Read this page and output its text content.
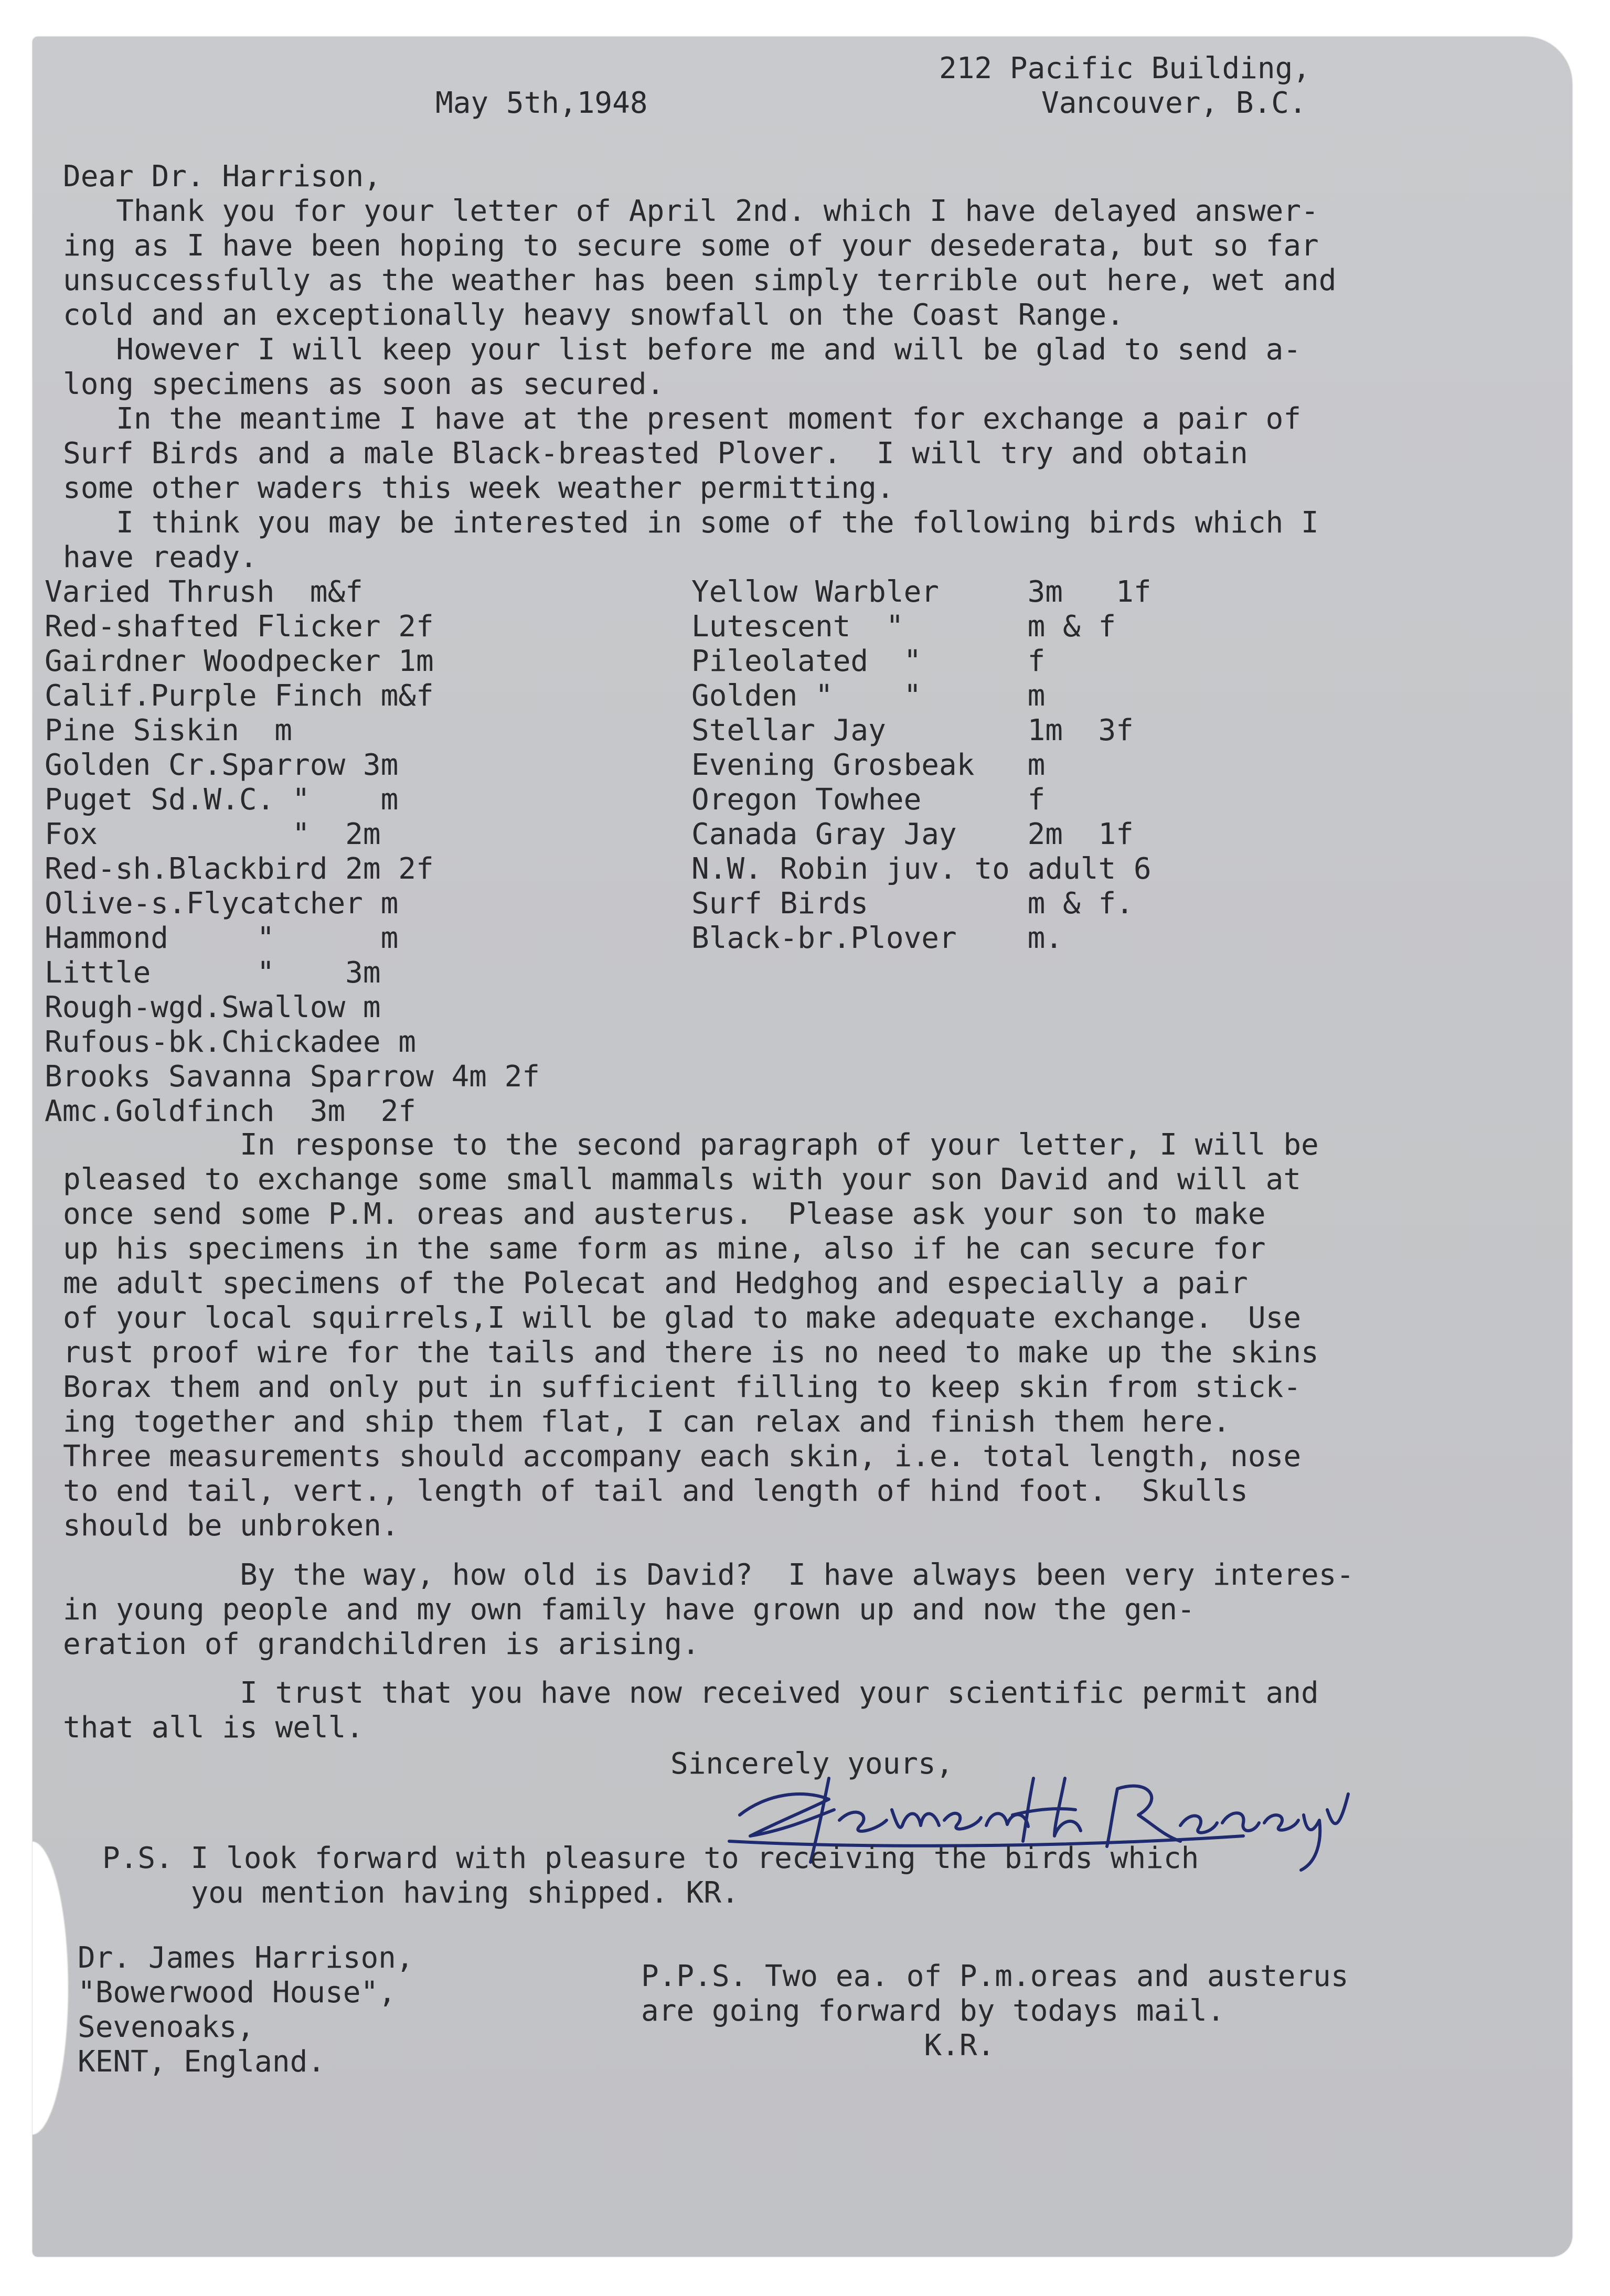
212 Pacific Building,

Vancouver, B.C.

May 5th,1948

Dear Dr. Harrison,

Thank you for your letter of April 2nd. which I have delayed answer-
ing as I have been hoping to secure some of your desederata, but so far
unsuccessfully as the weather has been simply terrible out here, wet and
cold and an exceptionally heavy snowfall on the Coast Range.
However I will keep your list before me and will be glad to send a-
long specimens as soon as secured.
In the meantime I have at the present moment for exchange a pair of
Surf Birds and a male Black-breasted Plover.  I will try and obtain
some other waders this week weather permitting.
I think you may be interested in some of the following birds which I
have ready.
Varied Thrush  m&f
Red-shafted Flicker 2f
Gairdner Woodpecker 1m
Calif.Purple Finch m&f
Pine Siskin  m
Golden Cr.Sparrow 3m
Puget Sd.W.C. "    m
Fox           "  2m
Red-sh.Blackbird 2m 2f
Olive-s.Flycatcher m
Hammond     "      m
Little      "    3m
Rough-wgd.Swallow m
Rufous-bk.Chickadee m
Brooks Savanna Sparrow 4m 2f
Amc.Goldfinch  3m  2f
Yellow Warbler     3m   1f
Lutescent  "       m & f
Pileolated  "      f
Golden "    "      m
Stellar Jay        1m  3f
Evening Grosbeak   m
Oregon Towhee      f
Canada Gray Jay    2m  1f
N.W. Robin juv. to adult 6
Surf Birds         m & f.
Black-br.Plover    m.
In response to the second paragraph of your letter, I will be
pleased to exchange some small mammals with your son David and will at
once send some P.M. oreas and austerus.  Please ask your son to make
up his specimens in the same form as mine, also if he can secure for
me adult specimens of the Polecat and Hedghog and especially a pair
of your local squirrels,I will be glad to make adequate exchange.  Use
rust proof wire for the tails and there is no need to make up the skins
Borax them and only put in sufficient filling to keep skin from stick-
ing together and ship them flat, I can relax and finish them here.
Three measurements should accompany each skin, i.e. total length, nose
to end tail, vert., length of tail and length of hind foot.  Skulls
should be unbroken.
By the way, how old is David?  I have always been very interes-
in young people and my own family have grown up and now the gen-
eration of grandchildren is arising.
I trust that you have now received your scientific permit and
that all is well.

Sincerely yours,

P.S. I look forward with pleasure to receiving the birds which
you mention having shipped. KR.
Dr. James Harrison,
"Bowerwood House",
Sevenoaks,
KENT, England.
P.P.S. Two ea. of P.m.oreas and austerus
are going forward by todays mail.
K.R.
